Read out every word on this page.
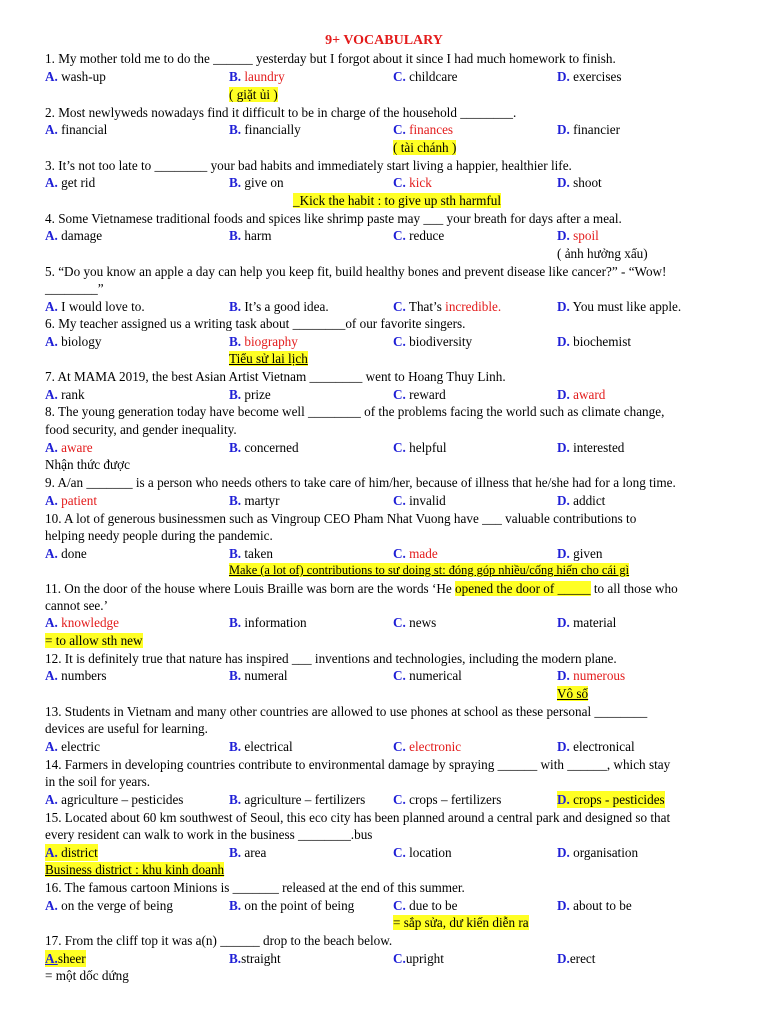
9+ VOCABULARY
1. My mother told me to do the ______ yesterday but I forgot about it since I had much homework to finish.
A. wash-up	B. laundry	C. childcare	D. exercises
( giặt ủi )
2. Most newlyweds nowadays find it difficult to be in charge of the household ________.
A. financial	B. financially	C. finances	D. financier
( tài chánh )
3. It’s not too late to ________ your bad habits and immediately start living a happier, healthier life.
A. get rid	B. give on	C. kick	D. shoot
_Kick the habit : to give up sth harmful
4. Some Vietnamese traditional foods and spices like shrimp paste may ___ your breath for days after a meal.
A. damage	B. harm	C. reduce	D. spoil
( ảnh hưởng xấu)
5. “Do you know an apple a day can help you keep fit, build healthy bones and prevent disease like cancer?” - “Wow!
________”
A. I would love to.	B. It’s a good idea.	C. That’s incredible.	D. You must like apple.
6. My teacher assigned us a writing task about ________of our favorite singers.
A. biology	B. biography	C. biodiversity	D. biochemist
Tiểu sử lai lịch
7. At MAMA 2019, the best Asian Artist Vietnam ________ went to Hoang Thuy Linh.
A. rank	B. prize	C. reward	D. award
8. The young generation today have become well ________ of the problems facing the world such as climate change,
food security, and gender inequality.
A. aware	B. concerned	C. helpful	D. interested
Nhận thức được
9. A/an _______ is a person who needs others to take care of him/her, because of illness that he/she had for a long time.
A. patient	B. martyr	C. invalid	D. addict
10. A lot of generous businessmen such as Vingroup CEO Pham Nhat Vuong have ___ valuable contributions to
helping needy people during the pandemic.
A. done	B. taken	C. made	D. given
Make (a lot of) contributions to sư doing st: đóng góp nhiều/cống hiến cho cái gì
11. On the door of the house where Louis Braille was born are the words ‘He opened the door of _____ to all those who
cannot see.’
A. knowledge	B. information	C. news	D. material
= to allow sth new
12. It is definitely true that nature has inspired ___ inventions and technologies, including the modern plane.
A. numbers	B. numeral	C. numerical	D. numerous
Vô số
13. Students in Vietnam and many other countries are allowed to use phones at school as these personal ________
devices are useful for learning.
A. electric	B. electrical	C. electronic	D. electronical
14. Farmers in developing countries contribute to environmental damage by spraying ______ with ______, which stay
in the soil for years.
A. agriculture – pesticides	B. agriculture – fertilizers C. crops – fertilizers	D. crops - pesticides
15. Located about 60 km southwest of Seoul, this eco city has been planned around a central park and designed so that
every resident can walk to work in the business ________.bus
A. district	B. area	C. location	D. organisation
Business district : khu kinh doanh
16. The famous cartoon Minions is _______ released at the end of this summer.
A. on the verge of being	B. on the point of being	C. due to be	D. about to be
= sắp sửa, dư kiến diễn ra
17. From the cliff top it was a(n) ______ drop to the beach below.
A.sheer	B.straight	C.upright	D.erect
= một dốc dứng
